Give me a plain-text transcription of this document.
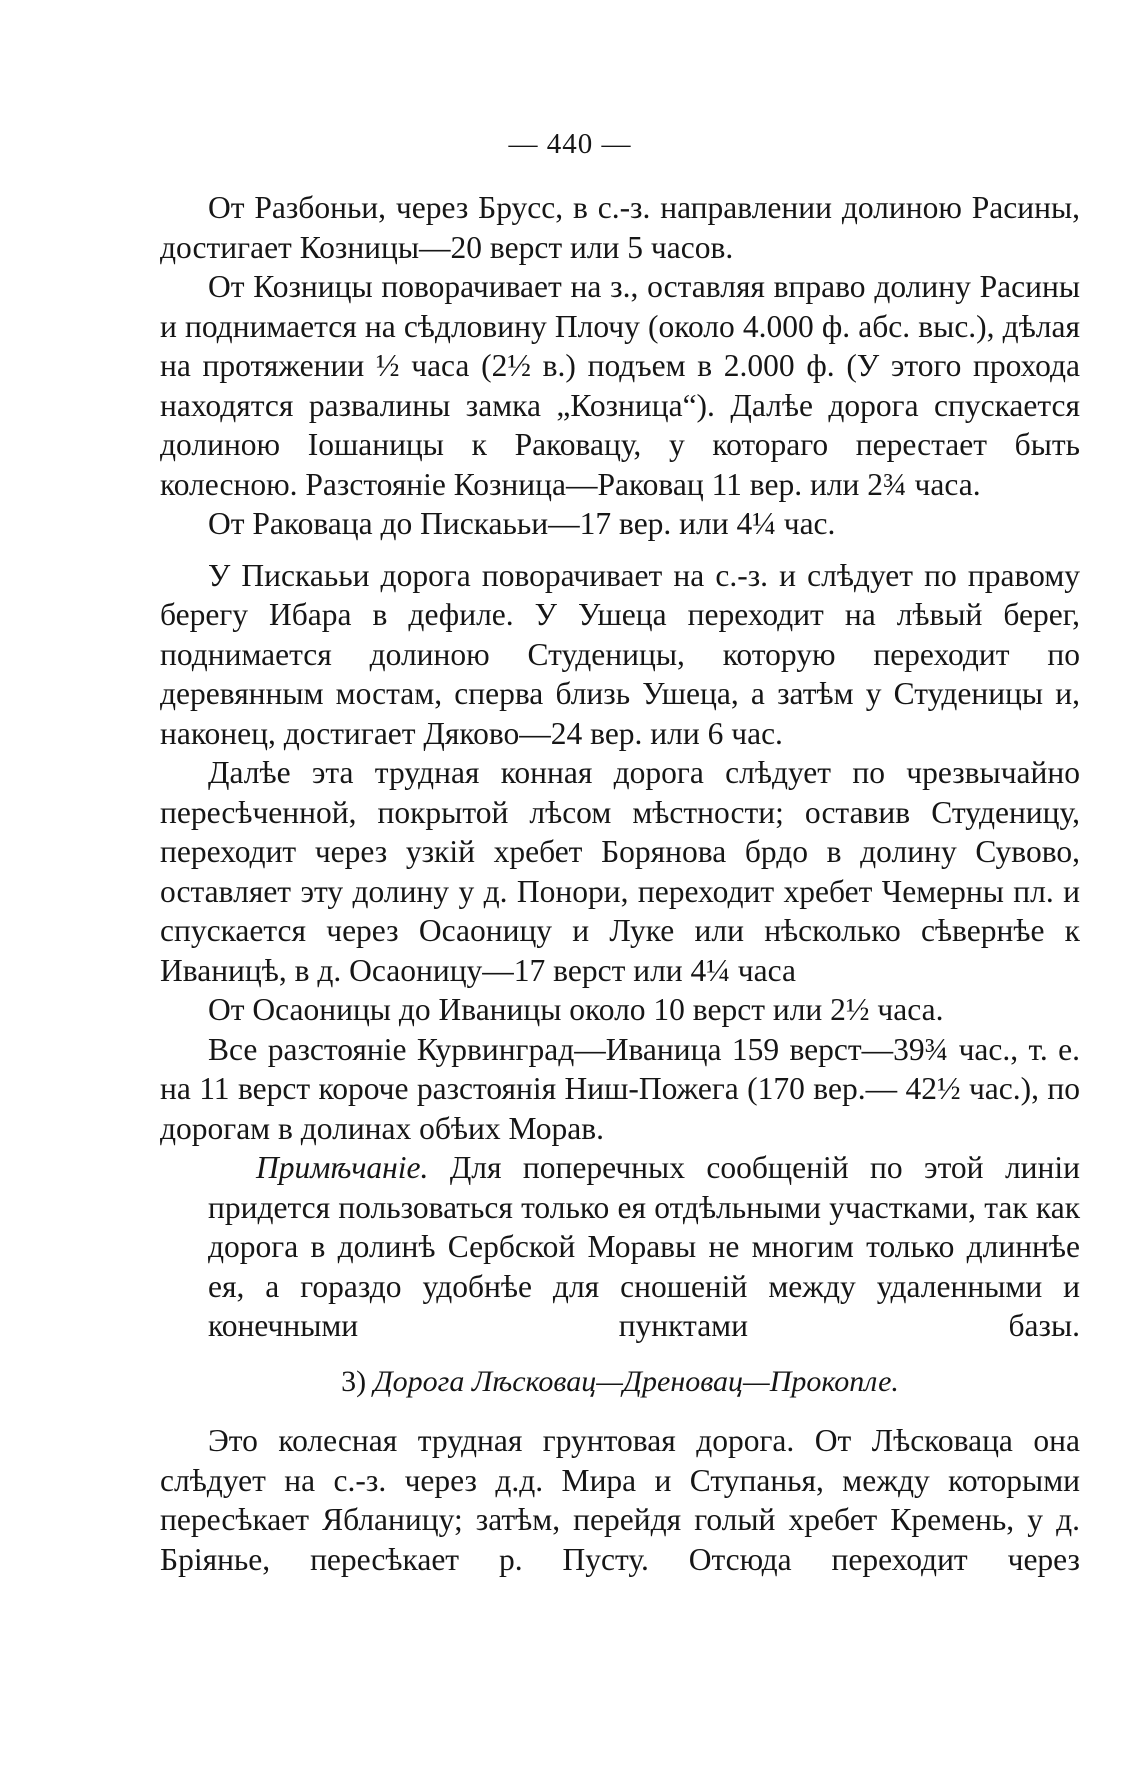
— 440 —

От Разбоньи, через Брусс, в с.-з. направлении долиною Расины, достигает Козницы—20 верст или 5 часов.

От Козницы поворачивает на з., оставляя вправо долину Расины и поднимается на сѣдловину Плочу (около 4.000 ф. абс. выс.), дѣлая на протяжении ½ часа (2½ в.) подъем в 2.000 ф. (У этого прохода находятся развалины замка „Козница“). Далѣе дорога спускается долиною Іошаницы к Раковацу, у котораго перестает быть колесною. Разстояніе Козница—Раковац 11 вер. или 2¾ часа.

От Раковаца до Пискаььи—17 вер. или 4¼ час.

У Пискаььи дорога поворачивает на с.-з. и слѣдует по правому берегу Ибара в дефиле. У Ушеца переходит на лѣвый берег, поднимается долиною Студеницы, которую переходит по деревянным мостам, сперва близь Ушеца, а затѣм у Студеницы и, наконец, достигает Дяково—24 вер. или 6 час.

Далѣе эта трудная конная дорога слѣдует по чрезвычайно пересѣченной, покрытой лѣсом мѣстности; оставив Студеницу, переходит через узкій хребет Борянова брдо в долину Сувово, оставляет эту долину у д. Понори, переходит хребет Чемерны пл. и спускается через Осаоницу и Луке или нѣсколько сѣвернѣе к Иваницѣ, в д. Осаоницу—17 верст или 4¼ часа

От Осаоницы до Иваницы около 10 верст или 2½ часа.

Все разстояніе Курвинград—Иваница 159 верст—39¾ час., т. е. на 11 верст короче разстоянія Ниш-Пожега (170 вер.— 42½ час.), по дорогам в долинах обѣих Морав.

Примѣчаніе. Для поперечных сообщеній по этой линіи придется пользоваться только ея отдѣльными участками, так как дорога в долинѣ Сербской Моравы не многим только длиннѣе ея, а гораздо удобнѣе для сношеній между удаленными и конечными пунктами базы.

3) Дорога Лѣсковац—Дреновац—Прокопле.

Это колесная трудная грунтовая дорога. От Лѣсковаца она слѣдует на с.-з. через д.д. Мира и Ступанья, между которыми пересѣкает Ябланицу; затѣм, перейдя голый хребет Кремень, у д. Бріянье, пересѣкает р. Пусту. Отсюда переходит через
